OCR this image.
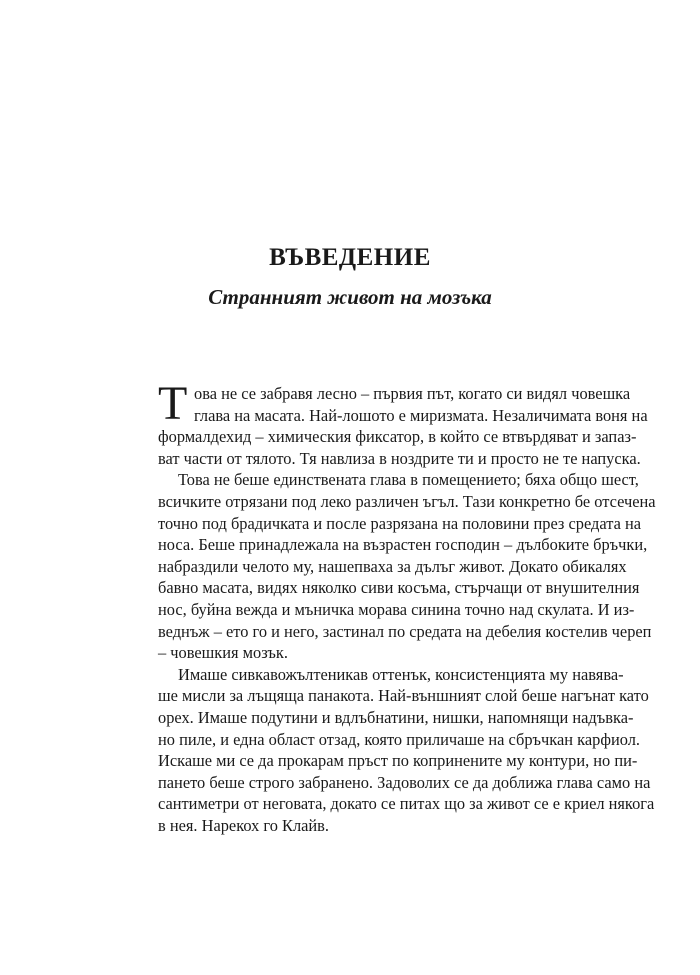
ВЪВЕДЕНИЕ
Странният живот на мозъка
Т ова не се забравя лесно – първия път, когато си видял човешка
глава на масата. Най-лошото е миризмата. Незаличимата воня на
формалдехид – химическия фиксатор, в който се втвърдяват и запаз-
ват части от тялото. Тя навлиза в ноздрите ти и просто не те напуска.
Това не беше единствената глава в помещението; бяха общо шест,
всичките отрязани под леко различен ъгъл. Тази конкретно бе отсечена
точно под брадичката и после разрязана на половини през средата на
носа. Беше принадлежала на възрастен господин – дълбоките бръчки,
набраздили челото му, нашепваха за дълъг живот. Докато обикалях
бавно масата, видях няколко сиви косъма, стърчащи от внушителния
нос, буйна вежда и мъничка морава синина точно над скулата. И из-
веднъж – ето го и него, застинал по средата на дебелия костелив череп
– човешкия мозък.
Имаше сивкавожълтеникав оттенък, консистенцията му навява-
ше мисли за лъщяща панакота. Най-външният слой беше нагънат като
орех. Имаше подутини и вдлъбнатини, нишки, напомнящи надъвка-
но пиле, и една област отзад, която приличаше на сбръчкан карфиол.
Искаше ми се да прокарам пръст по копринените му контури, но пи-
пането беше строго забранено. Задоволих се да доближа глава само на
сантиметри от неговата, докато се питах що за живот се е криел някога
в нея. Нарекох го Клайв.
